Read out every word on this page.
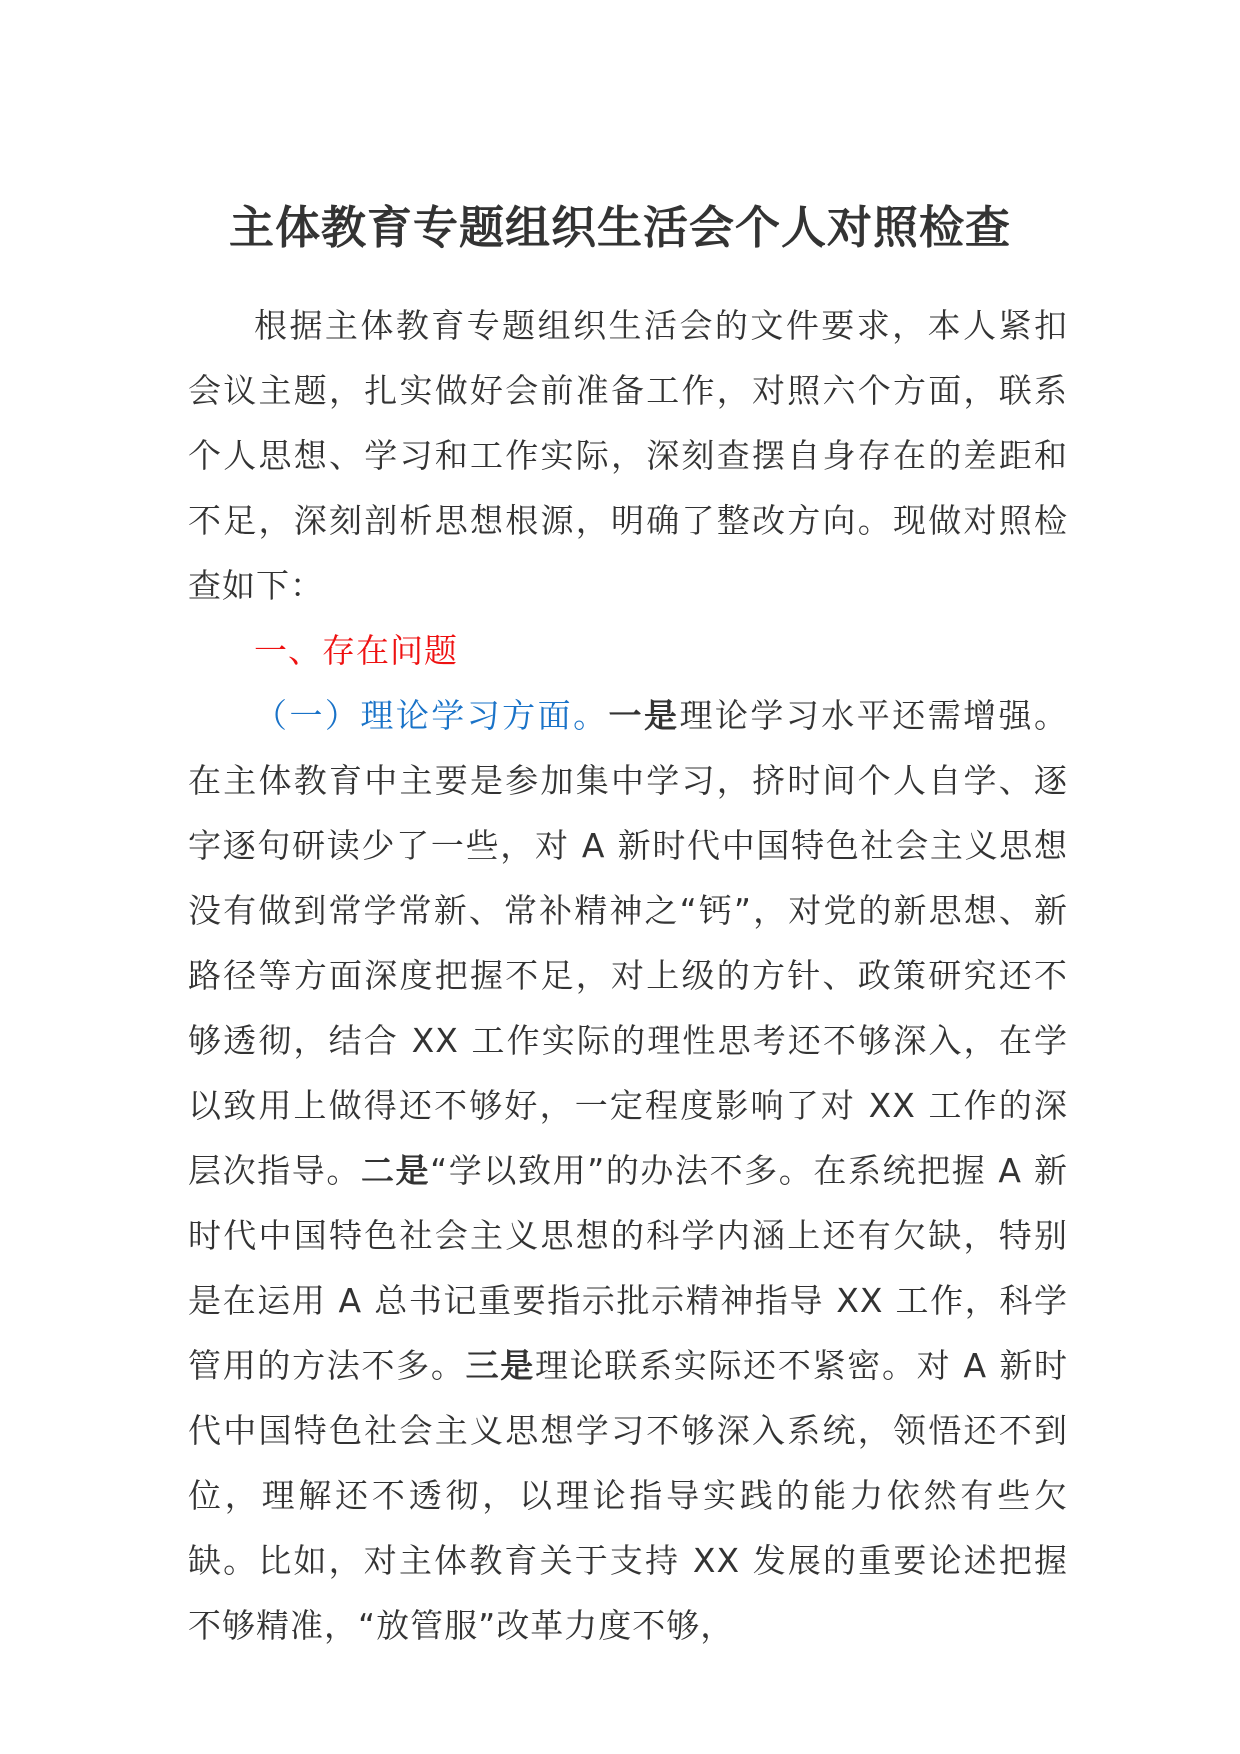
主体教育专题组织生活会个人对照检查

根据主体教育专题组织生活会的文件要求，本人紧扣会议主题，扎实做好会前准备工作，对照六个方面，联系个人思想、学习和工作实际，深刻查摆自身存在的差距和不足，深刻剖析思想根源，明确了整改方向。现做对照检查如下：

一、存在问题

（一）理论学习方面。一是理论学习水平还需增强。在主体教育中主要是参加集中学习，挤时间个人自学、逐字逐句研读少了一些，对 A 新时代中国特色社会主义思想没有做到常学常新、常补精神之“钙”，对党的新思想、新路径等方面深度把握不足，对上级的方针、政策研究还不够透彻，结合 XX 工作实际的理性思考还不够深入，在学以致用上做得还不够好，一定程度影响了对 XX 工作的深层次指导。二是“学以致用”的办法不多。在系统把握 A 新时代中国特色社会主义思想的科学内涵上还有欠缺，特别是在运用 A 总书记重要指示批示精神指导 XX 工作，科学管用的方法不多。三是理论联系实际还不紧密。对 A 新时代中国特色社会主义思想学习不够深入系统，领悟还不到位，理解还不透彻，以理论指导实践的能力依然有些欠缺。比如，对主体教育关于支持 XX 发展的重要论述把握不够精准，“放管服”改革力度不够，
